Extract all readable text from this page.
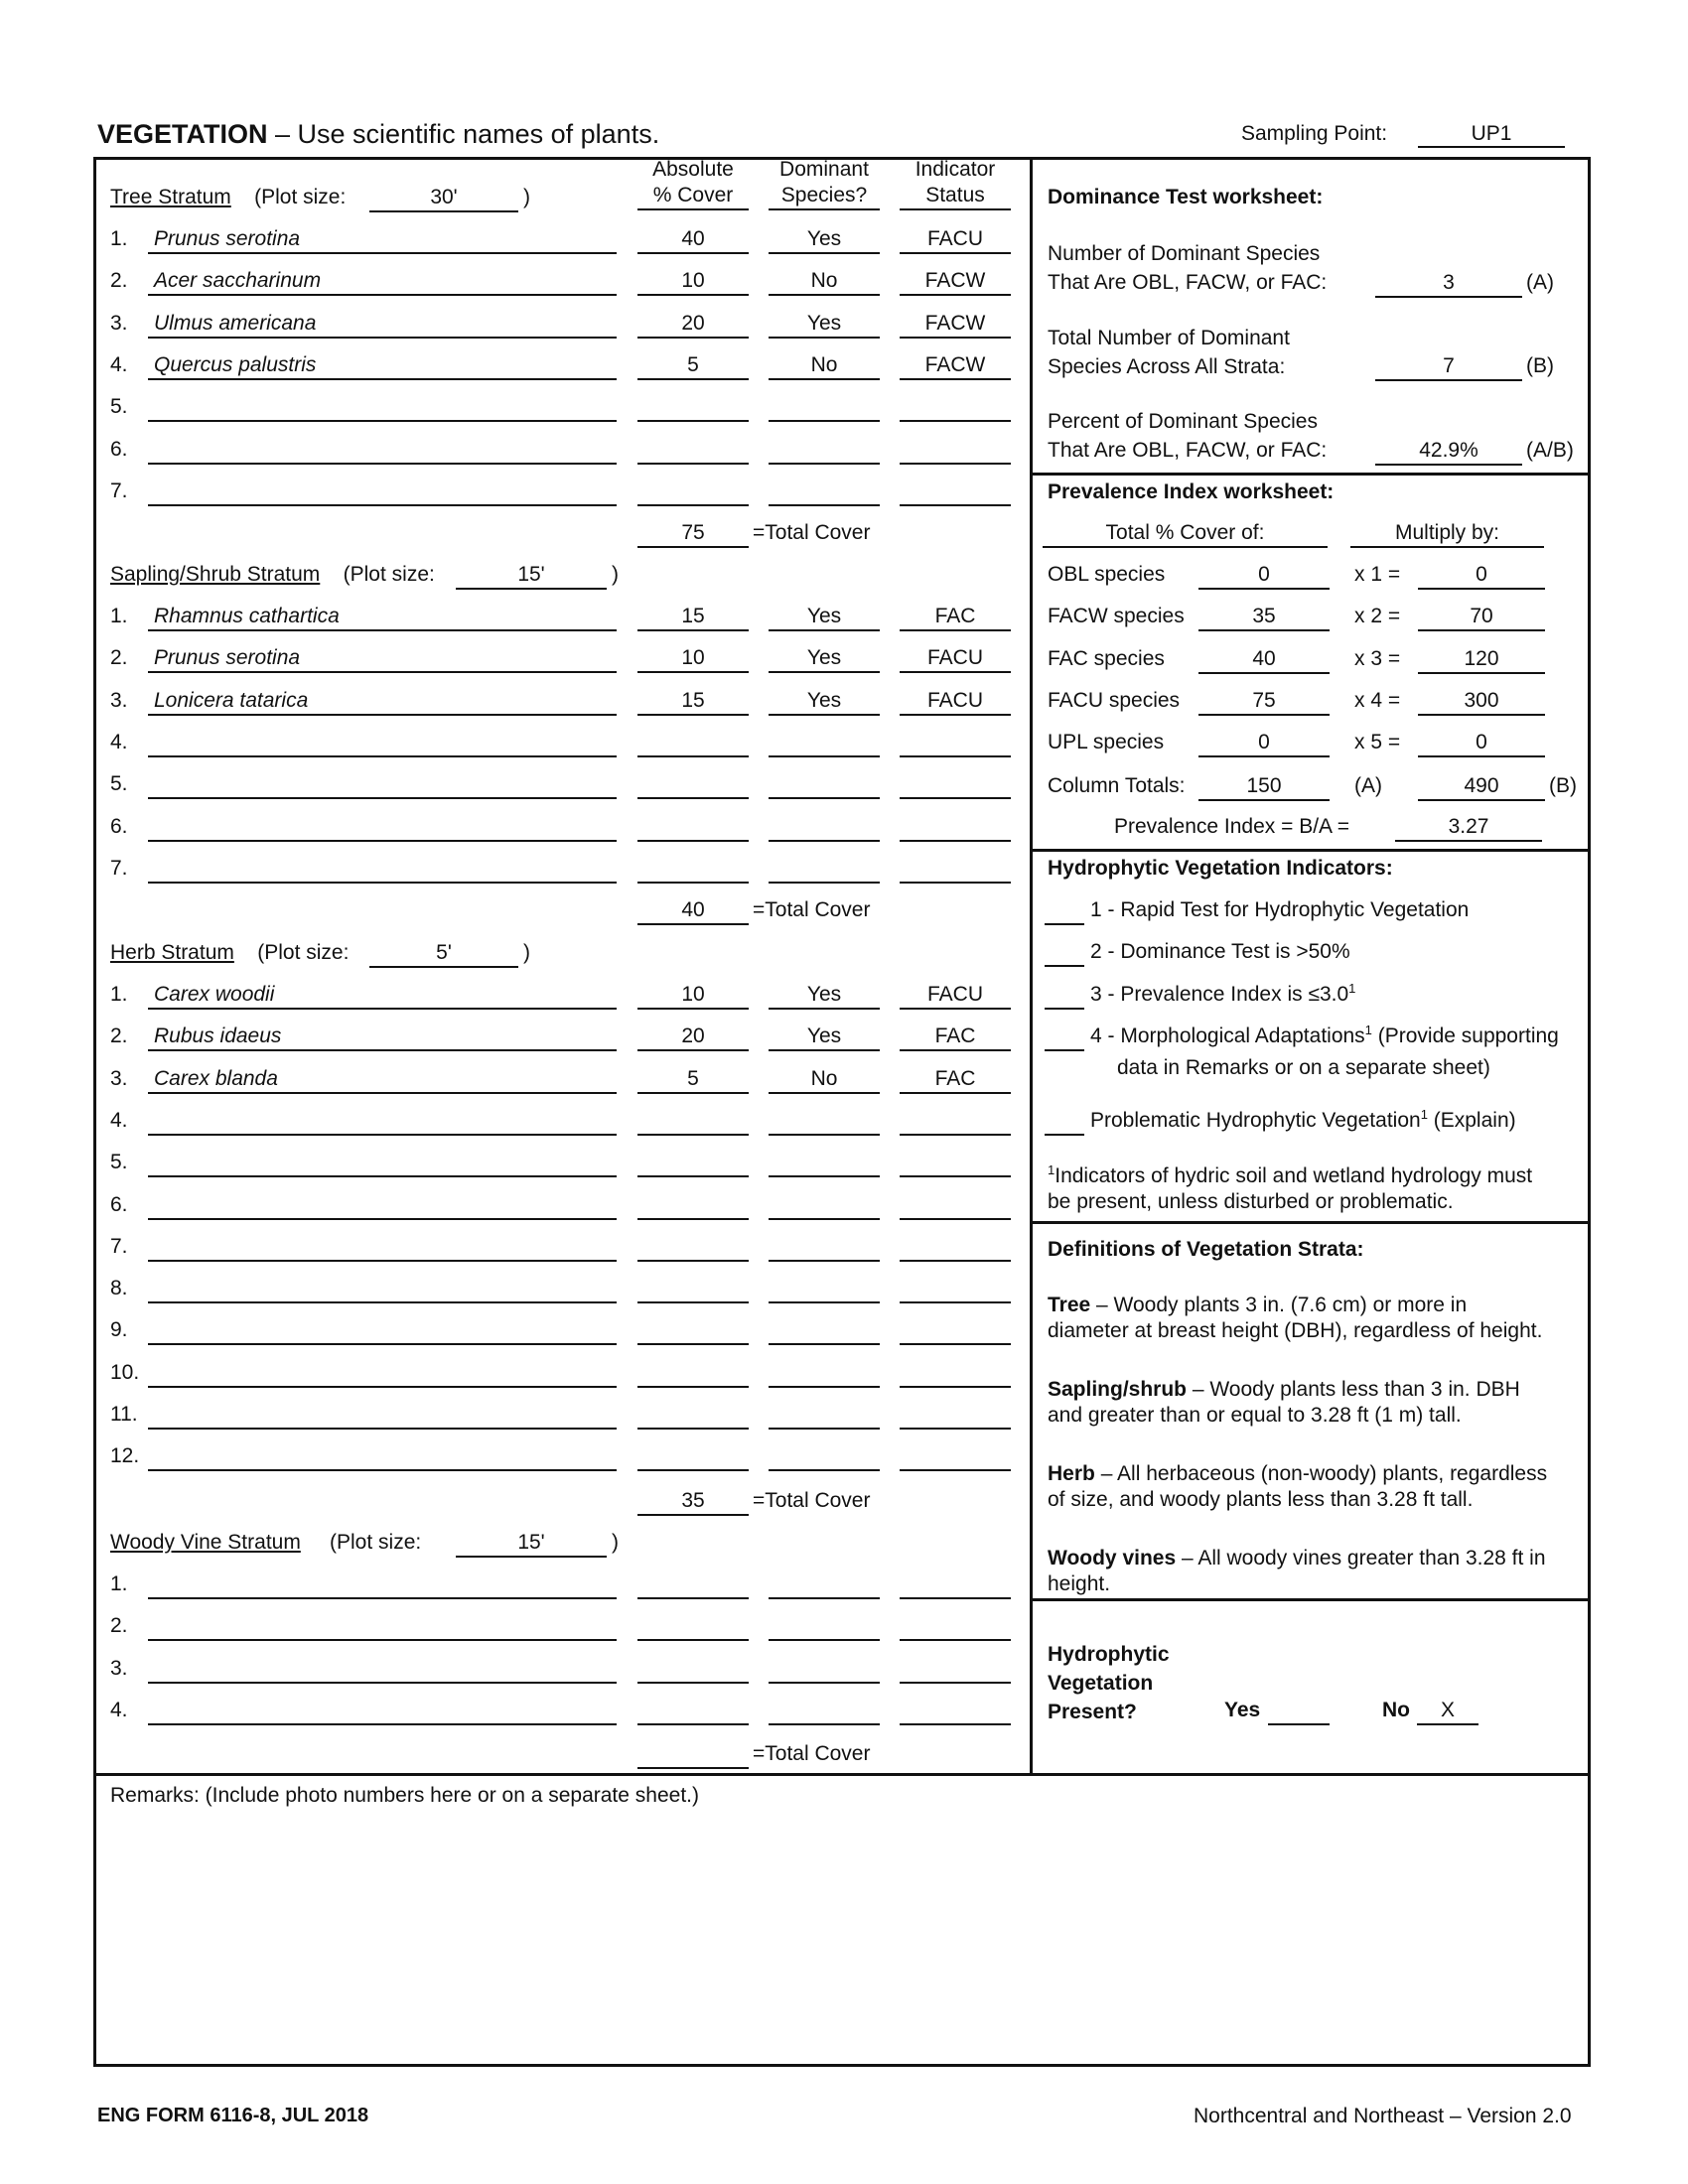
VEGETATION – Use scientific names of plants.	Sampling Point:	UP1
Absolute
% Cover
Dominant
Species?
Indicator
Status
Tree Stratum (Plot size:	30'	)
Sapling/Shrub Stratum (Plot size:	15'	)
Herb Stratum (Plot size:	5'	)
Woody Vine Stratum (Plot size:	15'	)
1. Prunus serotina	40	Yes	FACU
2. Acer saccharinum	10	No	FACW
3. Ulmus americana	20	Yes	FACW
4. Quercus palustris	5	No	FACW
5.
6.
7.
1. Rhamnus cathartica	15	Yes	FAC
2. Prunus serotina	10	Yes	FACU
3. Lonicera tatarica	15	Yes	FACU
4.
5.
6.
7.
1. Carex woodii	10	Yes	FACU
2. Rubus idaeus	20	Yes	FAC
3. Carex blanda	5	No	FAC
4.
5.
6.
7.
8.
9.
10.
11.
12.
1.
2.
3.
4.
75	=Total Cover
40	=Total Cover
35	=Total Cover
=Total Cover
Dominance Test worksheet:
Number of Dominant Species
That Are OBL, FACW, or FAC:	3	(A)
Total Number of Dominant
Species Across All Strata:	7	(B)
Percent of Dominant Species
That Are OBL, FACW, or FAC:	42.9%	(A/B)
Prevalence Index worksheet:
Total % Cover of:	Multiply by:
OBL species	0	x 1 =	0
FACW species	35	x 2 =	70
FAC species	40	x 3 =	120
FACU species	75	x 4 =	300
UPL species	0	x 5 =	0
Column Totals:	150	(A)	490	(B)
Prevalence Index = B/A =	3.27
Hydrophytic Vegetation Indicators:
1 - Rapid Test for Hydrophytic Vegetation
2 - Dominance Test is >50%
3 - Prevalence Index is $\le 3.0^1$
4 - Morphological Adaptations$^1$ (Provide supporting
data in Remarks or on a separate sheet)
Problematic Hydrophytic Vegetation$^1$ (Explain)
$^1$Indicators of hydric soil and wetland hydrology must
be present, unless disturbed or problematic.
Definitions of Vegetation Strata:
Tree – Woody plants 3 in. (7.6 cm) or more in
diameter at breast height (DBH), regardless of height.
Sapling/shrub – Woody plants less than 3 in. DBH
and greater than or equal to 3.28 ft (1 m) tall.
Herb – All herbaceous (non-woody) plants, regardless
of size, and woody plants less than 3.28 ft tall.
Woody vines – All woody vines greater than 3.28 ft in
height.
Hydrophytic
Vegetation
Present?	Yes	No	X
Remarks: (Include photo numbers here or on a separate sheet.)
ENG FORM 6116-8, JUL 2018	Northcentral and Northeast – Version 2.0
